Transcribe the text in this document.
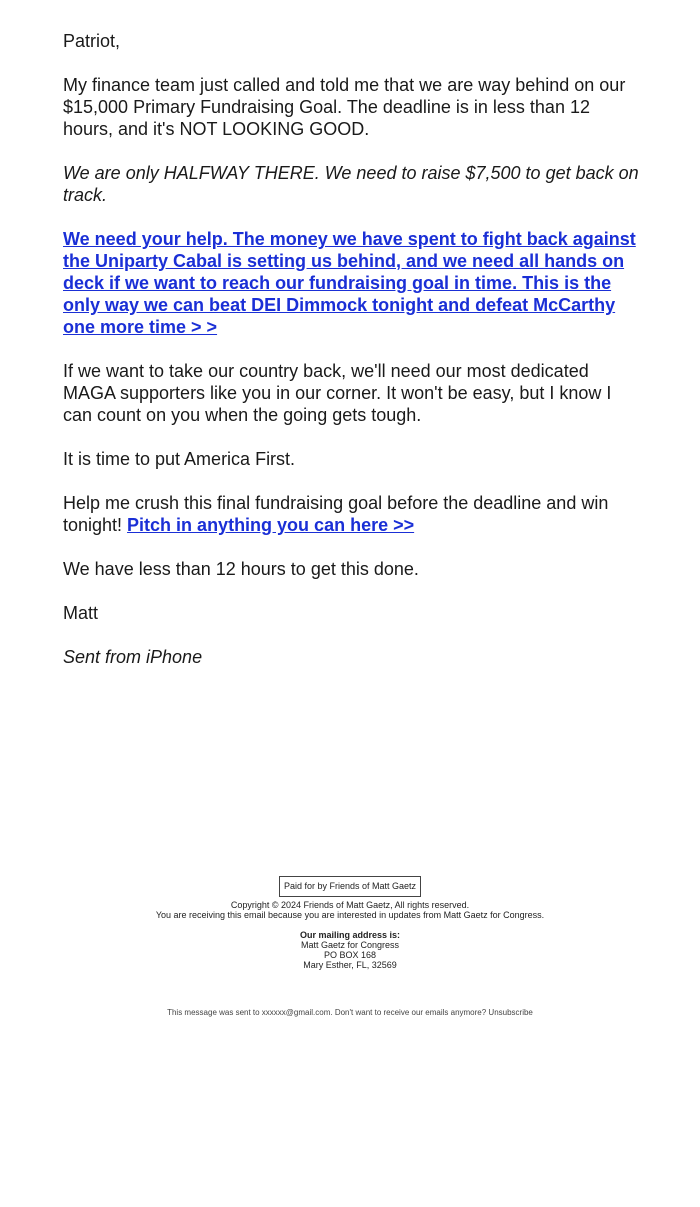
Patriot,

My finance team just called and told me that we are way behind on our $15,000 Primary Fundraising Goal. The deadline is in less than 12 hours, and it's NOT LOOKING GOOD.

We are only HALFWAY THERE. We need to raise $7,500 to get back on track.

We need your help. The money we have spent to fight back against the Uniparty Cabal is setting us behind, and we need all hands on deck if we want to reach our fundraising goal in time. This is the only way we can beat DEI Dimmock tonight and defeat McCarthy one more time > >

If we want to take our country back, we'll need our most dedicated MAGA supporters like you in our corner. It won't be easy, but I know I can count on you when the going gets tough.

It is time to put America First.

Help me crush this final fundraising goal before the deadline and win tonight! Pitch in anything you can here >>

We have less than 12 hours to get this done.

Matt

Sent from iPhone

Paid for by Friends of Matt Gaetz
Copyright © 2024 Friends of Matt Gaetz, All rights reserved.
You are receiving this email because you are interested in updates from Matt Gaetz for Congress.
Our mailing address is:
Matt Gaetz for Congress
PO BOX 168
Mary Esther, FL, 32569
This message was sent to xxxxxx@gmail.com. Don't want to receive our emails anymore? Unsubscribe
